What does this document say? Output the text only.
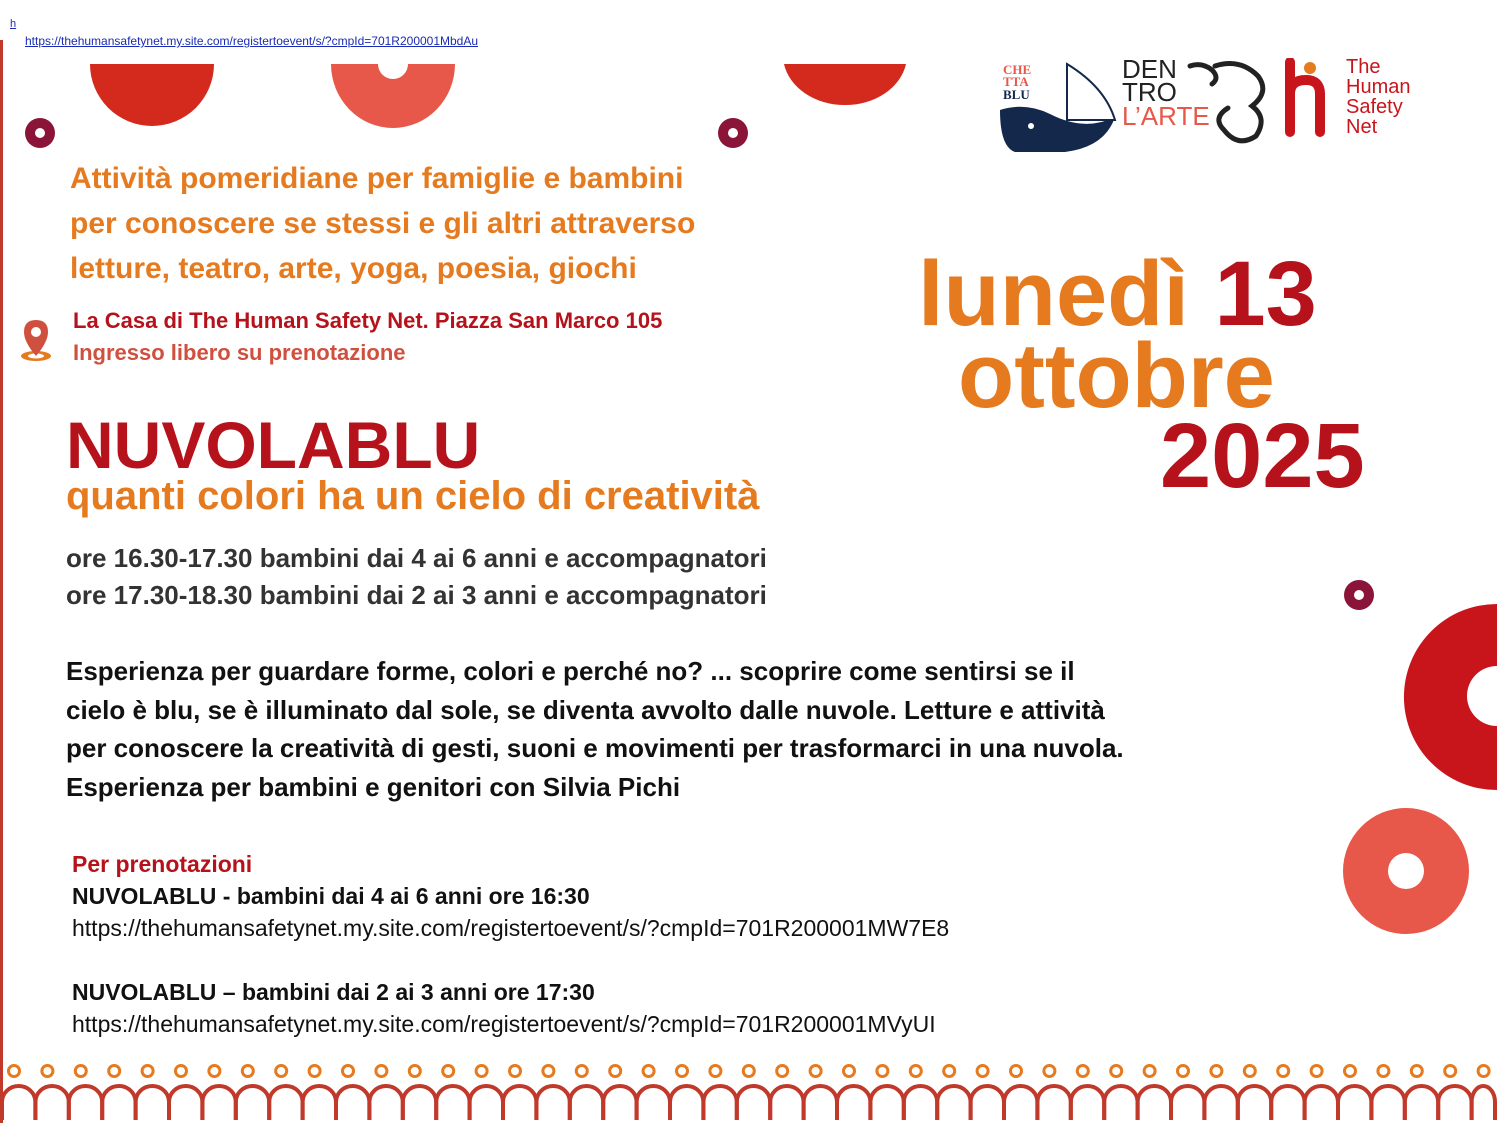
h
https://thehumansafetynet.my.site.com/registertoevent/s/?cmpId=701R200001MbdAu
CHE
TTA
BLU
DEN
TRO
L’ARTE
The
Human
Safety
Net
Attività pomeridiane per famiglie e bambini
per conoscere se stessi e gli altri attraverso
letture, teatro, arte, yoga, poesia, giochi
La Casa di The Human Safety Net. Piazza San Marco 105
Ingresso libero su prenotazione
lunedì 13
ottobre
2025
NUVOLABLU
quanti colori ha un cielo di creatività
ore 16.30-17.30 bambini dai 4 ai 6 anni e accompagnatori
ore 17.30-18.30 bambini dai 2 ai 3 anni e accompagnatori
Esperienza per guardare forme, colori e perché no? ... scoprire come sentirsi se il
cielo è blu, se è illuminato dal sole, se diventa avvolto dalle nuvole. Letture e attività
per conoscere la creatività di gesti, suoni e movimenti per trasformarci in una nuvola.
Esperienza per bambini e genitori con Silvia Pichi
Per prenotazioni
NUVOLABLU - bambini dai 4 ai 6 anni ore 16:30
https://thehumansafetynet.my.site.com/registertoevent/s/?cmpId=701R200001MW7E8
NUVOLABLU – bambini dai 2 ai 3 anni ore 17:30
https://thehumansafetynet.my.site.com/registertoevent/s/?cmpId=701R200001MVyUI
